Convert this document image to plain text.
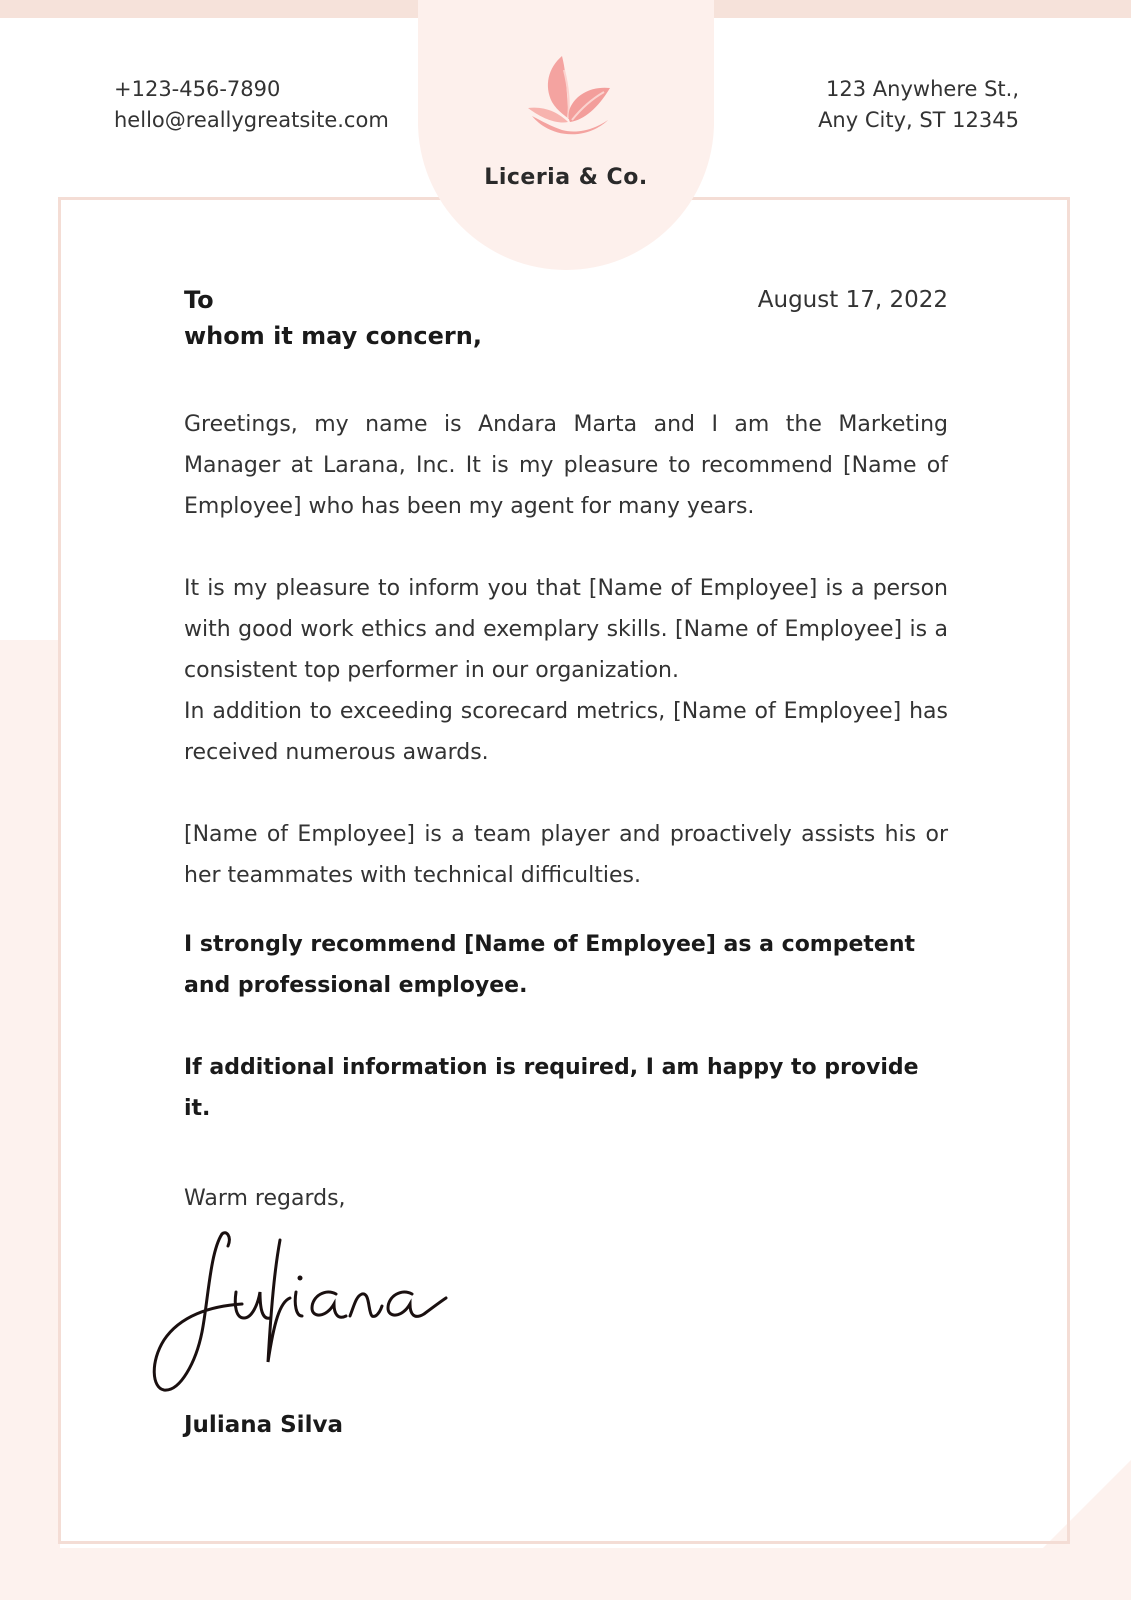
+123-456-7890
hello@reallygreatsite.com
123 Anywhere St.,
Any City, ST 12345
Liceria & Co.
To
whom it may concern,
August 17, 2022

Greetings, my name is Andara Marta and I am the Marketing Manager at Larana, Inc. It is my pleasure to recommend [Name of Employee] who has been my agent for many years.

It is my pleasure to inform you that [Name of Employee] is a person with good work ethics and exemplary skills. [Name of Employee] is a consistent top performer in our organization.

In addition to exceeding scorecard metrics, [Name of Employee] has received numerous awards.

[Name of Employee] is a team player and proactively assists his or her teammates with technical difficulties.

I strongly recommend [Name of Employee] as a competent and professional employee.

If additional information is required, I am happy to provide it.

Warm regards,
Juliana Silva
